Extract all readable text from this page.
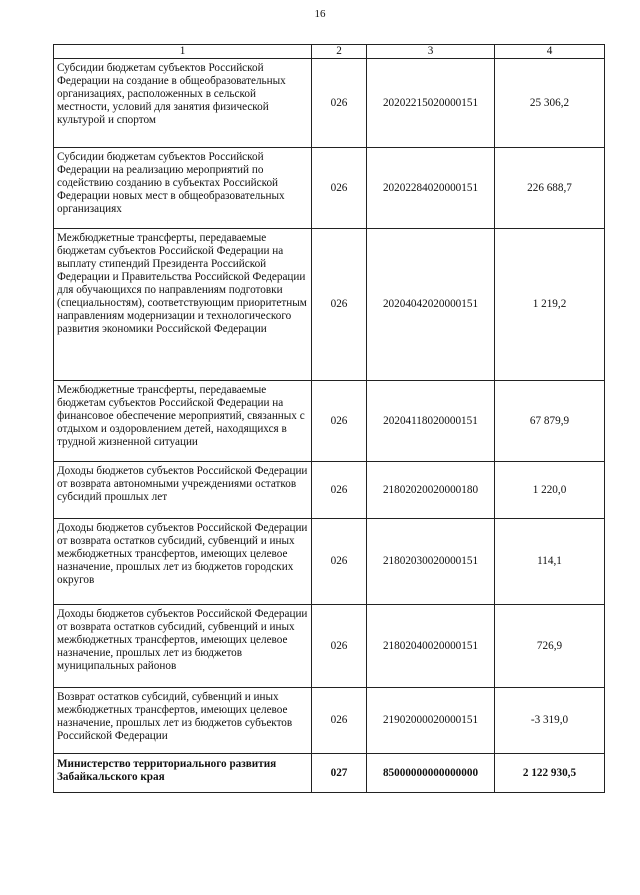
16
1	2	3	4
Субсидии бюджетам субъектов Российской Федерации на создание в общеобразовательных организациях, расположенных в сельской местности, условий для занятия физической культурой и спортом	026	20202215020000151	25 306,2
Субсидии бюджетам субъектов Российской Федерации на реализацию мероприятий по содействию созданию в субъектах Российской Федерации новых мест в общеобразовательных организациях	026	20202284020000151	226 688,7
Межбюджетные трансферты, передаваемые бюджетам субъектов Российской Федерации на выплату стипендий Президента Российской Федерации и Правительства Российской Федерации для обучающихся по направлениям подготовки (специальностям), соответствующим приоритетным направлениям модернизации и технологического развития экономики Российской Федерации	026	20204042020000151	1 219,2
Межбюджетные трансферты, передаваемые бюджетам субъектов Российской Федерации на финансовое обеспечение мероприятий, связанных с отдыхом и оздоровлением детей, находящихся в трудной жизненной ситуации	026	20204118020000151	67 879,9
Доходы бюджетов субъектов Российской Федерации от возврата автономными учреждениями остатков субсидий прошлых лет	026	21802020020000180	1 220,0
Доходы бюджетов субъектов Российской Федерации от возврата остатков субсидий, субвенций и иных межбюджетных трансфертов, имеющих целевое назначение, прошлых лет из бюджетов городских округов	026	21802030020000151	114,1
Доходы бюджетов субъектов Российской Федерации от возврата остатков субсидий, субвенций и иных межбюджетных трансфертов, имеющих целевое назначение, прошлых лет из бюджетов муниципальных районов	026	21802040020000151	726,9
Возврат остатков субсидий, субвенций и иных межбюджетных трансфертов, имеющих целевое назначение, прошлых лет из бюджетов субъектов Российской Федерации	026	21902000020000151	-3 319,0
Министерство территориального развития Забайкальского края	027	85000000000000000	2 122 930,5
